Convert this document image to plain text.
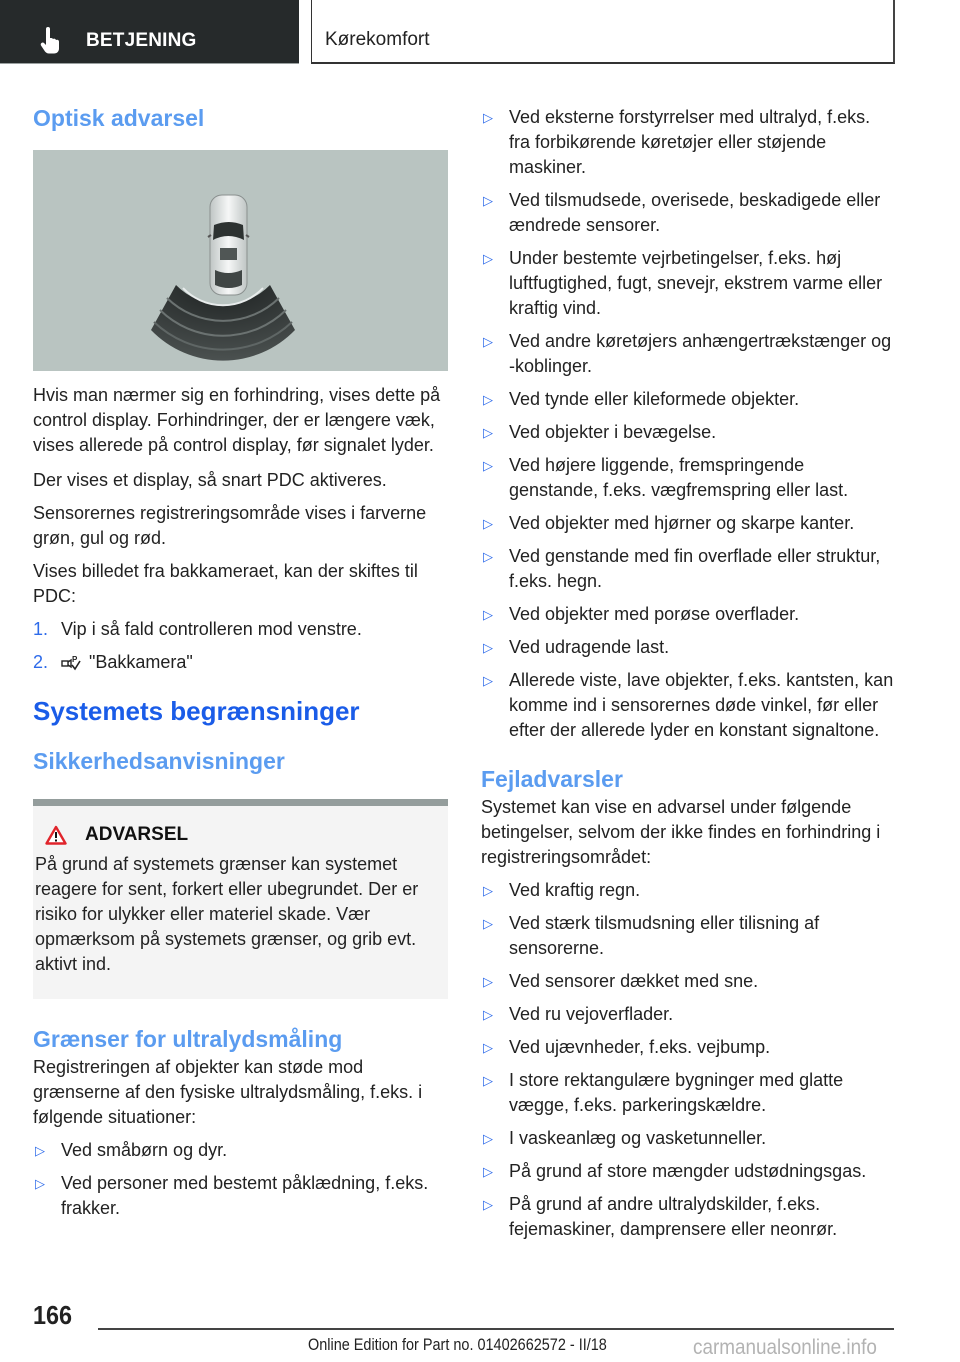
BETJENING	Kørekomfort
Optisk advarsel

Hvis man nærmer sig en forhindring, vises dette på control display. Forhindringer, der er længere væk, vises allerede på control display, før signalet lyder.

Der vises et display, så snart PDC aktiveres.

Sensorernes registreringsområde vises i farverne grøn, gul og rød.

Vises billedet fra bakkameraet, kan der skiftes til PDC:

1. Vip i så fald controlleren mod venstre.
2.	P "Bakkamera"
Systemets begrænsninger
Sikkerhedsanvisninger
ADVARSEL

På grund af systemets grænser kan systemet reagere for sent, forkert eller ubegrundet. Der er risiko for ulykker eller materiel skade. Vær opmærksom på systemets grænser, og grib evt. aktivt ind.

Grænser for ultralydsmåling

Registreringen af objekter kan støde mod grænserne af den fysiske ultralydsmåling, f.eks. i følgende situationer:

▷ Ved småbørn og dyr.
▷ Ved personer med bestemt påklædning, f.eks. frakker.
▷ Ved eksterne forstyrrelser med ultralyd, f.eks. fra forbikørende køretøjer eller støjende maskiner.
▷ Ved tilsmudsede, overisede, beskadigede eller ændrede sensorer.
▷ Under bestemte vejrbetingelser, f.eks. høj luftfugtighed, fugt, snevejr, ekstrem varme eller kraftig vind.
▷ Ved andre køretøjers anhængertrækstænger og -koblinger.
▷ Ved tynde eller kileformede objekter.
▷ Ved objekter i bevægelse.
▷ Ved højere liggende, fremspringende genstande, f.eks. vægfremspring eller last.
▷ Ved objekter med hjørner og skarpe kanter.
▷ Ved genstande med fin overflade eller struktur, f.eks. hegn.
▷ Ved objekter med porøse overflader.
▷ Ved udragende last.
▷ Allerede viste, lave objekter, f.eks. kantsten, kan komme ind i sensorernes døde vinkel, før eller efter der allerede lyder en konstant signaltone.
Fejladvarsler

Systemet kan vise en advarsel under følgende betingelser, selvom der ikke findes en forhindring i registreringsområdet:

▷ Ved kraftig regn.
▷ Ved stærk tilsmudsning eller tilisning af sensorerne.
▷ Ved sensorer dækket med sne.
▷ Ved ru vejoverflader.
▷ Ved ujævnheder, f.eks. vejbump.
▷ I store rektangulære bygninger med glatte vægge, f.eks. parkeringskældre.
▷ I vaskeanlæg og vasketunneller.
▷ På grund af store mængder udstødningsgas.
▷ På grund af andre ultralydskilder, f.eks. fejemaskiner, damprensere eller neonrør.
166
Online Edition for Part no. 01402662572 - II/18	carmanualsonline.info
